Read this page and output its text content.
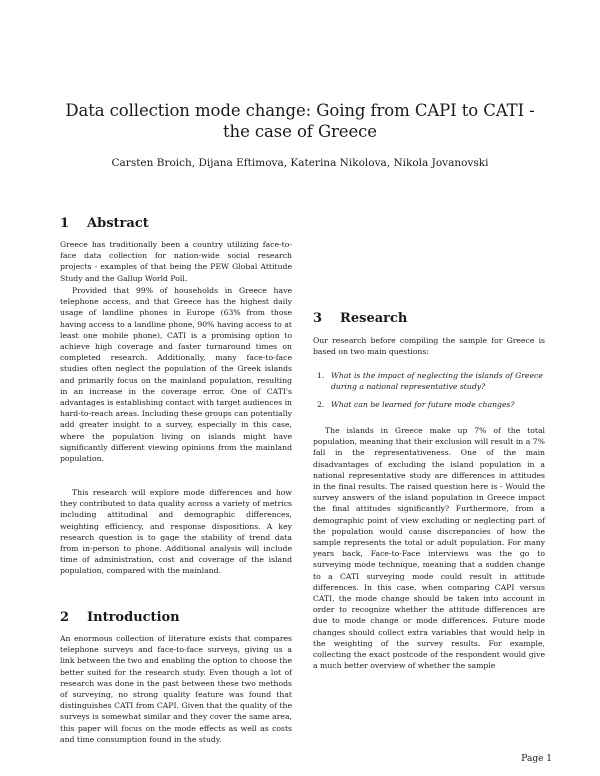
Data collection mode change: Going from CAPI to CATI - the case of Greece
Carsten Broich, Dijana Eftimova, Katerina Nikolova, Nikola Jovanovski
1 Abstract

Greece has traditionally been a country utilizing face-to-face data collection for nation-wide social research projects - examples of that being the PEW Global Attitude Study and the Gallup World Poll.

Provided that 99% of households in Greece have telephone access, and that Greece has the highest daily usage of landline phones in Europe (63% from those having access to a landline phone, 90% having access to at least one mobile phone), CATI is a promising option to achieve high coverage and faster turnaround times on completed research. Additionally, many face-to-face studies often neglect the population of the Greek islands and primarily focus on the mainland population, resulting in an increase in the coverage error. One of CATI's advantages is establishing contact with target audiences in hard-to-reach areas. Including these groups can potentially add greater insight to a survey, especially in this case, where the population living on islands might have significantly different viewing opinions from the mainland population.

This research will explore mode differences and how they contributed to data quality across a variety of metrics including attitudinal and demographic differences, weighting efficiency, and response dispositions. A key research question is to gage the stability of trend data from in-person to phone. Additional analysis will include time of administration, cost and coverage of the island population, compared with the mainland.

2 Introduction

An enormous collection of literature exists that compares telephone surveys and face-to-face surveys, giving us a link between the two and enabling the option to choose the better suited for the research study. Even though a lot of research was done in the past between these two methods of surveying, no strong quality feature was found that distinguishes CATI from CAPI. Given that the quality of the surveys is somewhat similar and they cover the same area, this paper will focus on the mode effects as well as costs and time consumption found in the study.

3 Research

Our research before compiling the sample for Greece is based on two main questions:

1. What is the impact of neglecting the islands of Greece during a national representative study?
2. What can be learned for future mode changes?

The islands in Greece make up 7% of the total population, meaning that their exclusion will result in a 7% fall in the representativeness. One of the main disadvantages of excluding the island population in a national representative study are differences in attitudes in the final results. The raised question here is - Would the survey answers of the island population in Greece impact the final attitudes significantly? Furthermore, from a demographic point of view excluding or neglecting part of the population would cause discrepancies of how the sample represents the total or adult population. For many years back, Face-to-Face interviews was the go to surveying mode technique, meaning that a sudden change to a CATI surveying mode could result in attitude differences. In this case, when comparing CAPI versus CATI, the mode change should be taken into account in order to recognize whether the attitude differences are due to mode change or mode differences. Future mode changes should collect extra variables that would help in the weighting of the survey results. For example, collecting the exact postcode of the respondent would give a much better overview of whether the sample

Page 1
